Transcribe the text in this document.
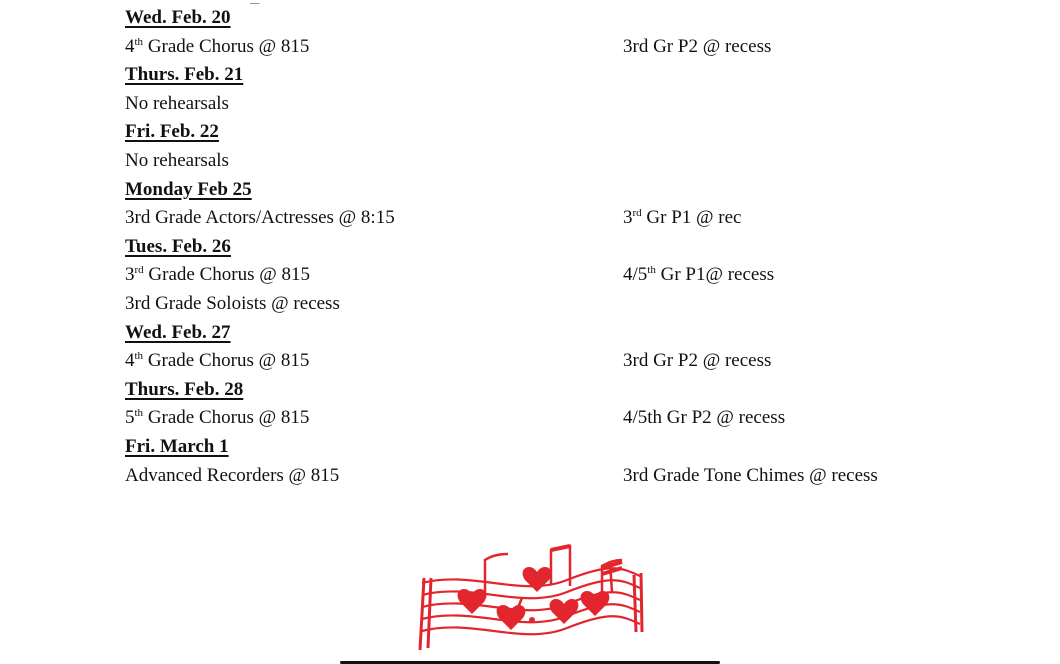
Wed. Feb. 20
4th Grade Chorus @ 815	3rd Gr P2 @ recess
Thurs. Feb. 21
No rehearsals
Fri. Feb. 22
No rehearsals
Monday Feb 25
3rd Grade Actors/Actresses @ 8:15	3rd Gr P1 @ rec
Tues. Feb. 26
3rd Grade Chorus @ 815	4/5th Gr P1@ recess
3rd Grade Soloists @ recess
Wed. Feb. 27
4th Grade Chorus @ 815	3rd Gr P2 @ recess
Thurs. Feb. 28
5th Grade Chorus @ 815	4/5th Gr P2 @ recess
Fri. March 1
Advanced Recorders @ 815	3rd Grade Tone Chimes @ recess
